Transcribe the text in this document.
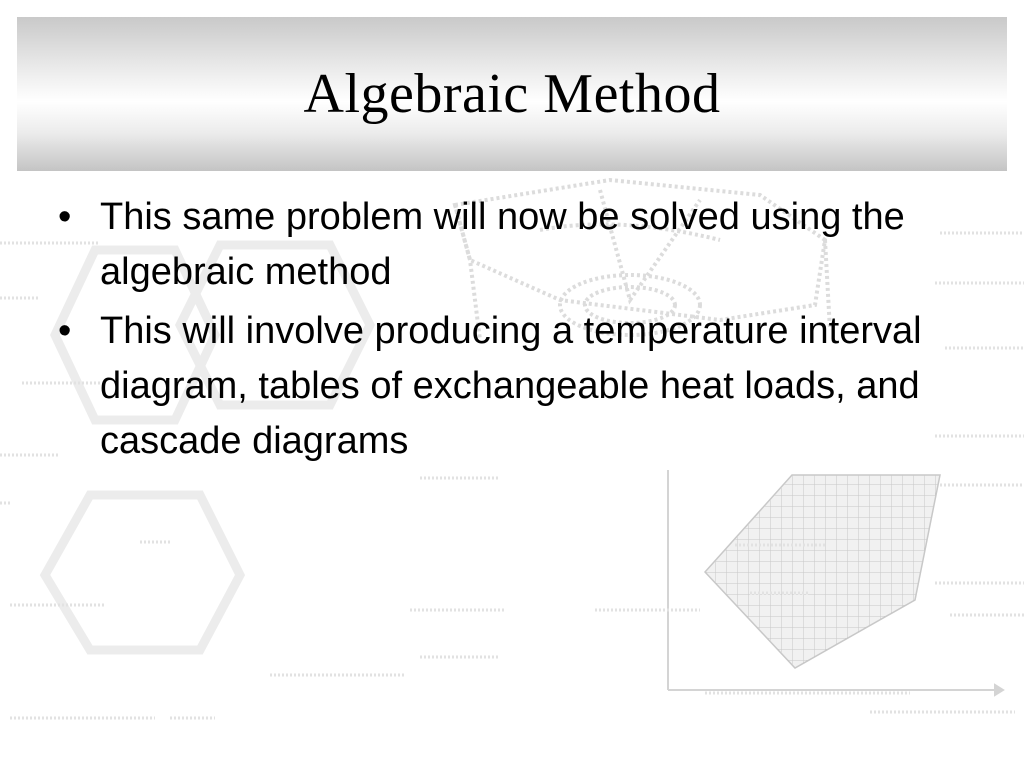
Algebraic Method
• This same problem will now be solved using the algebraic method
• This will involve producing a temperature interval diagram, tables of exchangeable heat loads, and cascade diagrams
